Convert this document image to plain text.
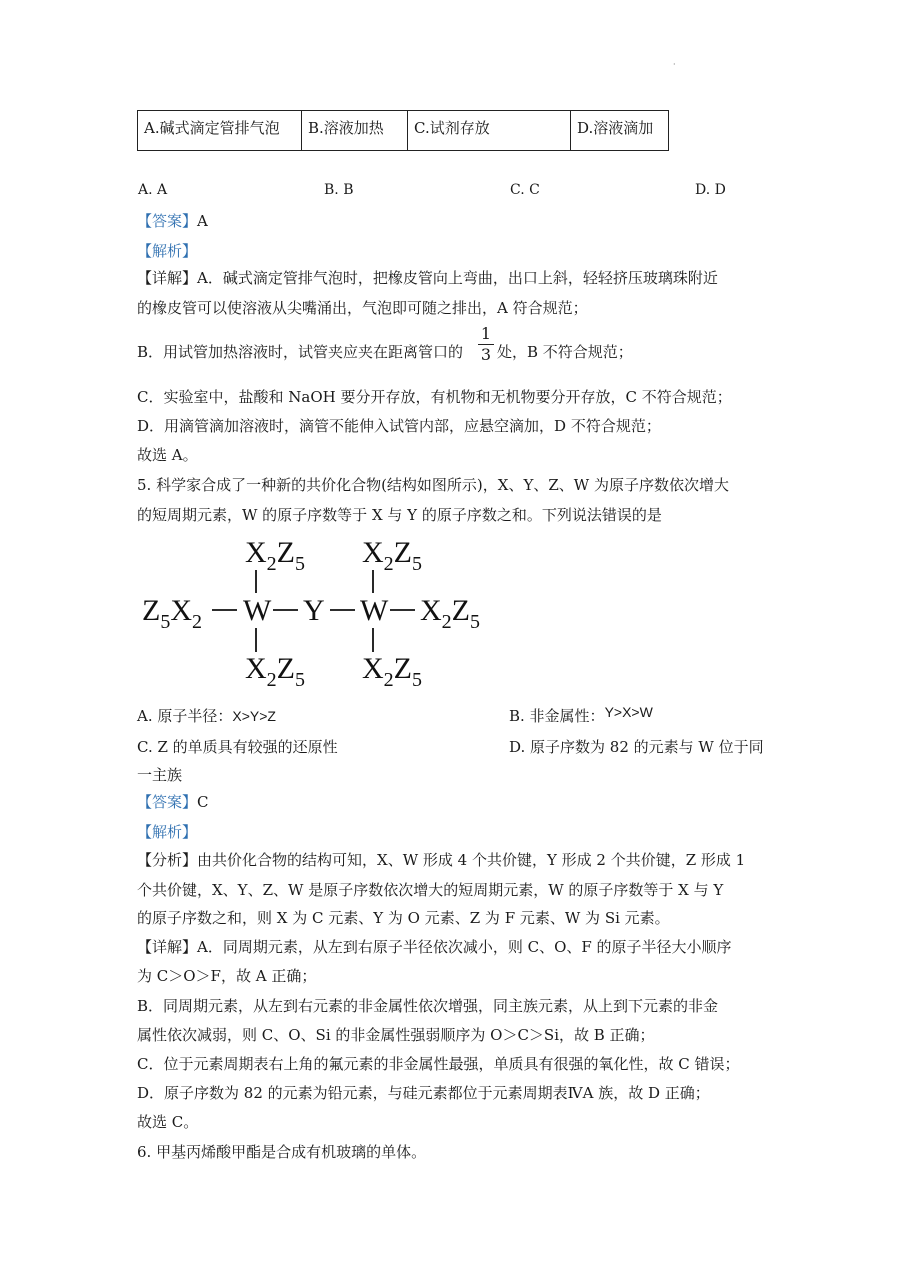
·
A.碱式滴定管排气泡	B.溶液加热	C.试剂存放	D.溶液滴加
A. A	B. B	C. C	D. D
【答案】A
【解析】
【详解】A．碱式滴定管排气泡时，把橡皮管向上弯曲，出口上斜，轻轻挤压玻璃珠附近
的橡皮管可以使溶液从尖嘴涌出，气泡即可随之排出，A 符合规范；
B．用试管加热溶液时，试管夹应夹在距离管口的
1
3 处，B 不符合规范；
C．实验室中，盐酸和 NaOH 要分开存放，有机物和无机物要分开存放，C 不符合规范；
D．用滴管滴加溶液时，滴管不能伸入试管内部，应悬空滴加，D 不符合规范；
故选 A。
5. 科学家合成了一种新的共价化合物(结构如图所示)，X、Y、Z、W 为原子序数依次增大
的短周期元素，W 的原子序数等于 X 与 Y 的原子序数之和。下列说法错误的是
$X_2Z_5$ $X_2Z_5$
$Z_5X_2$ W Y W $X_2Z_5$
$X_2Z_5$ $X_2Z_5$
A. 原子半径：X>Y>Z	B. 非金属性：Y>X>W
C. Z 的单质具有较强的还原性	D. 原子序数为 82 的元素与 W 位于同
一主族
【答案】C
【解析】
【分析】由共价化合物的结构可知，X、W 形成 4 个共价键，Y 形成 2 个共价键，Z 形成 1
个共价键，X、Y、Z、W 是原子序数依次增大的短周期元素，W 的原子序数等于 X 与 Y
的原子序数之和，则 X 为 C 元素、Y 为 O 元素、Z 为 F 元素、W 为 Si 元素。
【详解】A．同周期元素，从左到右原子半径依次减小，则 C、O、F 的原子半径大小顺序
为 C＞O＞F，故 A 正确；
B．同周期元素，从左到右元素的非金属性依次增强，同主族元素，从上到下元素的非金
属性依次减弱，则 C、O、Si 的非金属性强弱顺序为 O＞C＞Si，故 B 正确；
C．位于元素周期表右上角的氟元素的非金属性最强，单质具有很强的氧化性，故 C 错误；
D．原子序数为 82 的元素为铅元素，与硅元素都位于元素周期表ⅣA 族，故 D 正确；
故选 C。
6. 甲基丙烯酸甲酯是合成有机玻璃的单体。
